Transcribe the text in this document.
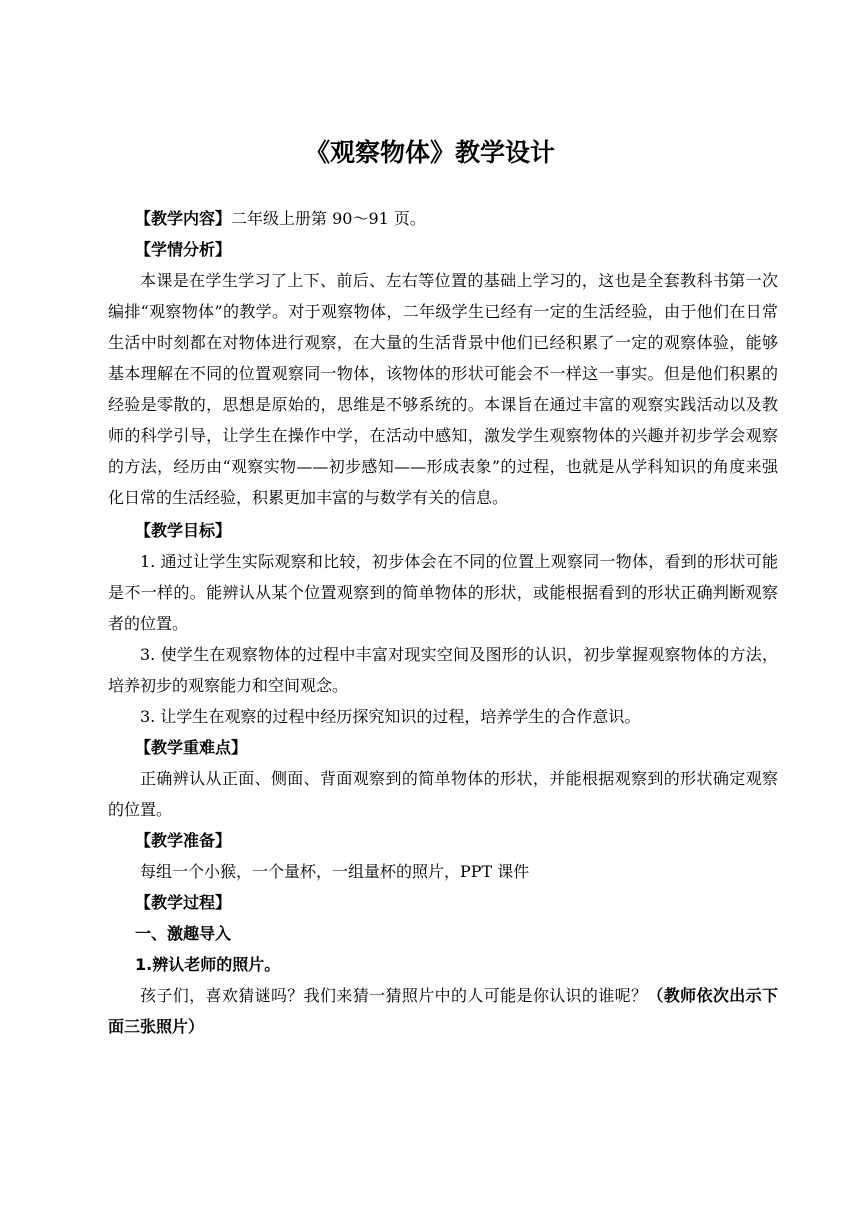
《观察物体》教学设计

【教学内容】二年级上册第 90～91 页。

【学情分析】

本课是在学生学习了上下、前后、左右等位置的基础上学习的，这也是全套教科书第一次编排“观察物体”的教学。对于观察物体，二年级学生已经有一定的生活经验，由于他们在日常生活中时刻都在对物体进行观察，在大量的生活背景中他们已经积累了一定的观察体验，能够基本理解在不同的位置观察同一物体，该物体的形状可能会不一样这一事实。但是他们积累的经验是零散的，思想是原始的，思维是不够系统的。本课旨在通过丰富的观察实践活动以及教师的科学引导，让学生在操作中学，在活动中感知，激发学生观察物体的兴趣并初步学会观察的方法，经历由“观察实物——初步感知——形成表象”的过程，也就是从学科知识的角度来强化日常的生活经验，积累更加丰富的与数学有关的信息。

【教学目标】

1. 通过让学生实际观察和比较，初步体会在不同的位置上观察同一物体，看到的形状可能是不一样的。能辨认从某个位置观察到的简单物体的形状，或能根据看到的形状正确判断观察者的位置。

3. 使学生在观察物体的过程中丰富对现实空间及图形的认识，初步掌握观察物体的方法，培养初步的观察能力和空间观念。

3. 让学生在观察的过程中经历探究知识的过程，培养学生的合作意识。

【教学重难点】

正确辨认从正面、侧面、背面观察到的简单物体的形状，并能根据观察到的形状确定观察的位置。

【教学准备】

每组一个小猴，一个量杯，一组量杯的照片，PPT 课件

【教学过程】

一、激趣导入

1.辨认老师的照片。

孩子们，喜欢猜谜吗？我们来猜一猜照片中的人可能是你认识的谁呢？（教师依次出示下面三张照片）
